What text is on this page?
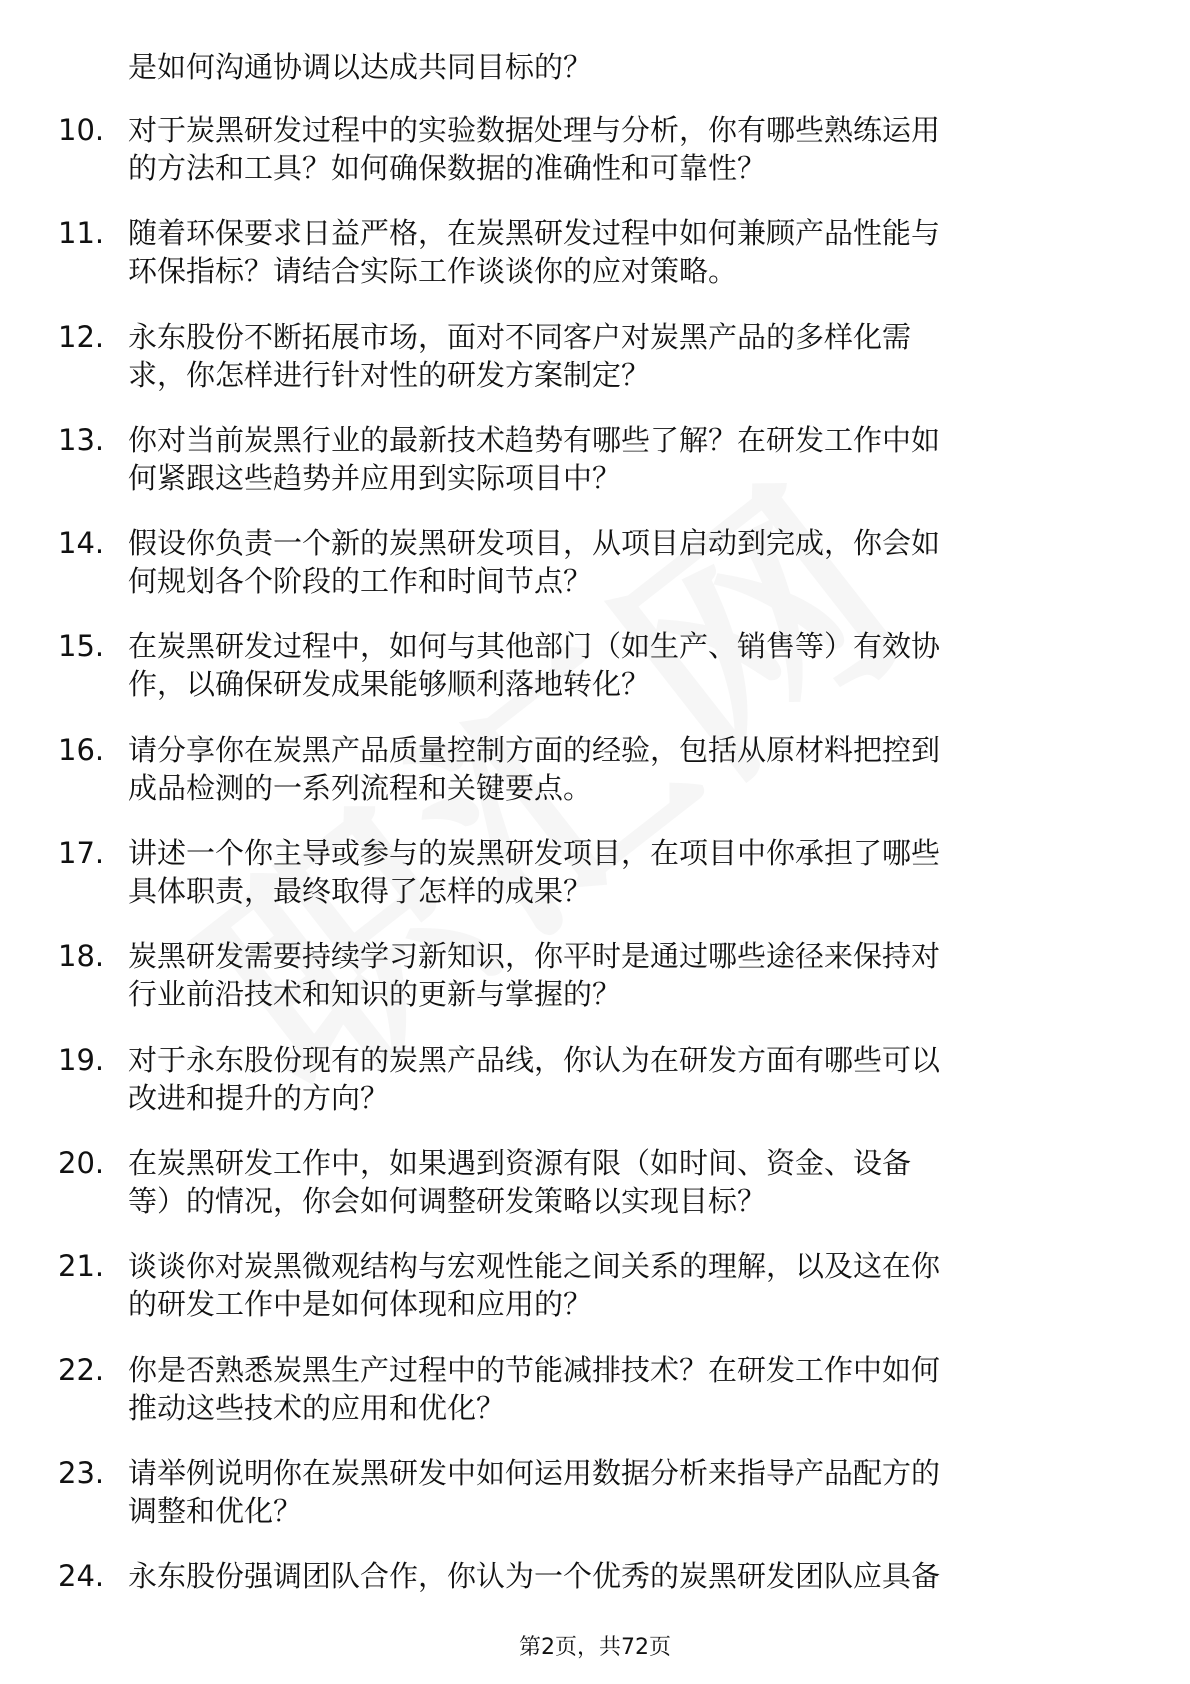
是如何沟通协调以达成共同目标的？
10. 对于炭黑研发过程中的实验数据处理与分析，你有哪些熟练运用
的方法和工具？如何确保数据的准确性和可靠性？
11. 随着环保要求日益严格，在炭黑研发过程中如何兼顾产品性能与
环保指标？请结合实际工作谈谈你的应对策略。
12. 永东股份不断拓展市场，面对不同客户对炭黑产品的多样化需
求，你怎样进行针对性的研发方案制定？
13. 你对当前炭黑行业的最新技术趋势有哪些了解？在研发工作中如
何紧跟这些趋势并应用到实际项目中？
14. 假设你负责一个新的炭黑研发项目，从项目启动到完成，你会如
何规划各个阶段的工作和时间节点？
15. 在炭黑研发过程中，如何与其他部门（如生产、销售等）有效协
作，以确保研发成果能够顺利落地转化？
16. 请分享你在炭黑产品质量控制方面的经验，包括从原材料把控到
成品检测的一系列流程和关键要点。
17. 讲述一个你主导或参与的炭黑研发项目，在项目中你承担了哪些
具体职责，最终取得了怎样的成果？
18. 炭黑研发需要持续学习新知识，你平时是通过哪些途径来保持对
行业前沿技术和知识的更新与掌握的？
19. 对于永东股份现有的炭黑产品线，你认为在研发方面有哪些可以
改进和提升的方向？
20. 在炭黑研发工作中，如果遇到资源有限（如时间、资金、设备
等）的情况，你会如何调整研发策略以实现目标？
21. 谈谈你对炭黑微观结构与宏观性能之间关系的理解，以及这在你
的研发工作中是如何体现和应用的？
22. 你是否熟悉炭黑生产过程中的节能减排技术？在研发工作中如何
推动这些技术的应用和优化？
23. 请举例说明你在炭黑研发中如何运用数据分析来指导产品配方的
调整和优化？
24. 永东股份强调团队合作，你认为一个优秀的炭黑研发团队应具备
第2页，共72页
